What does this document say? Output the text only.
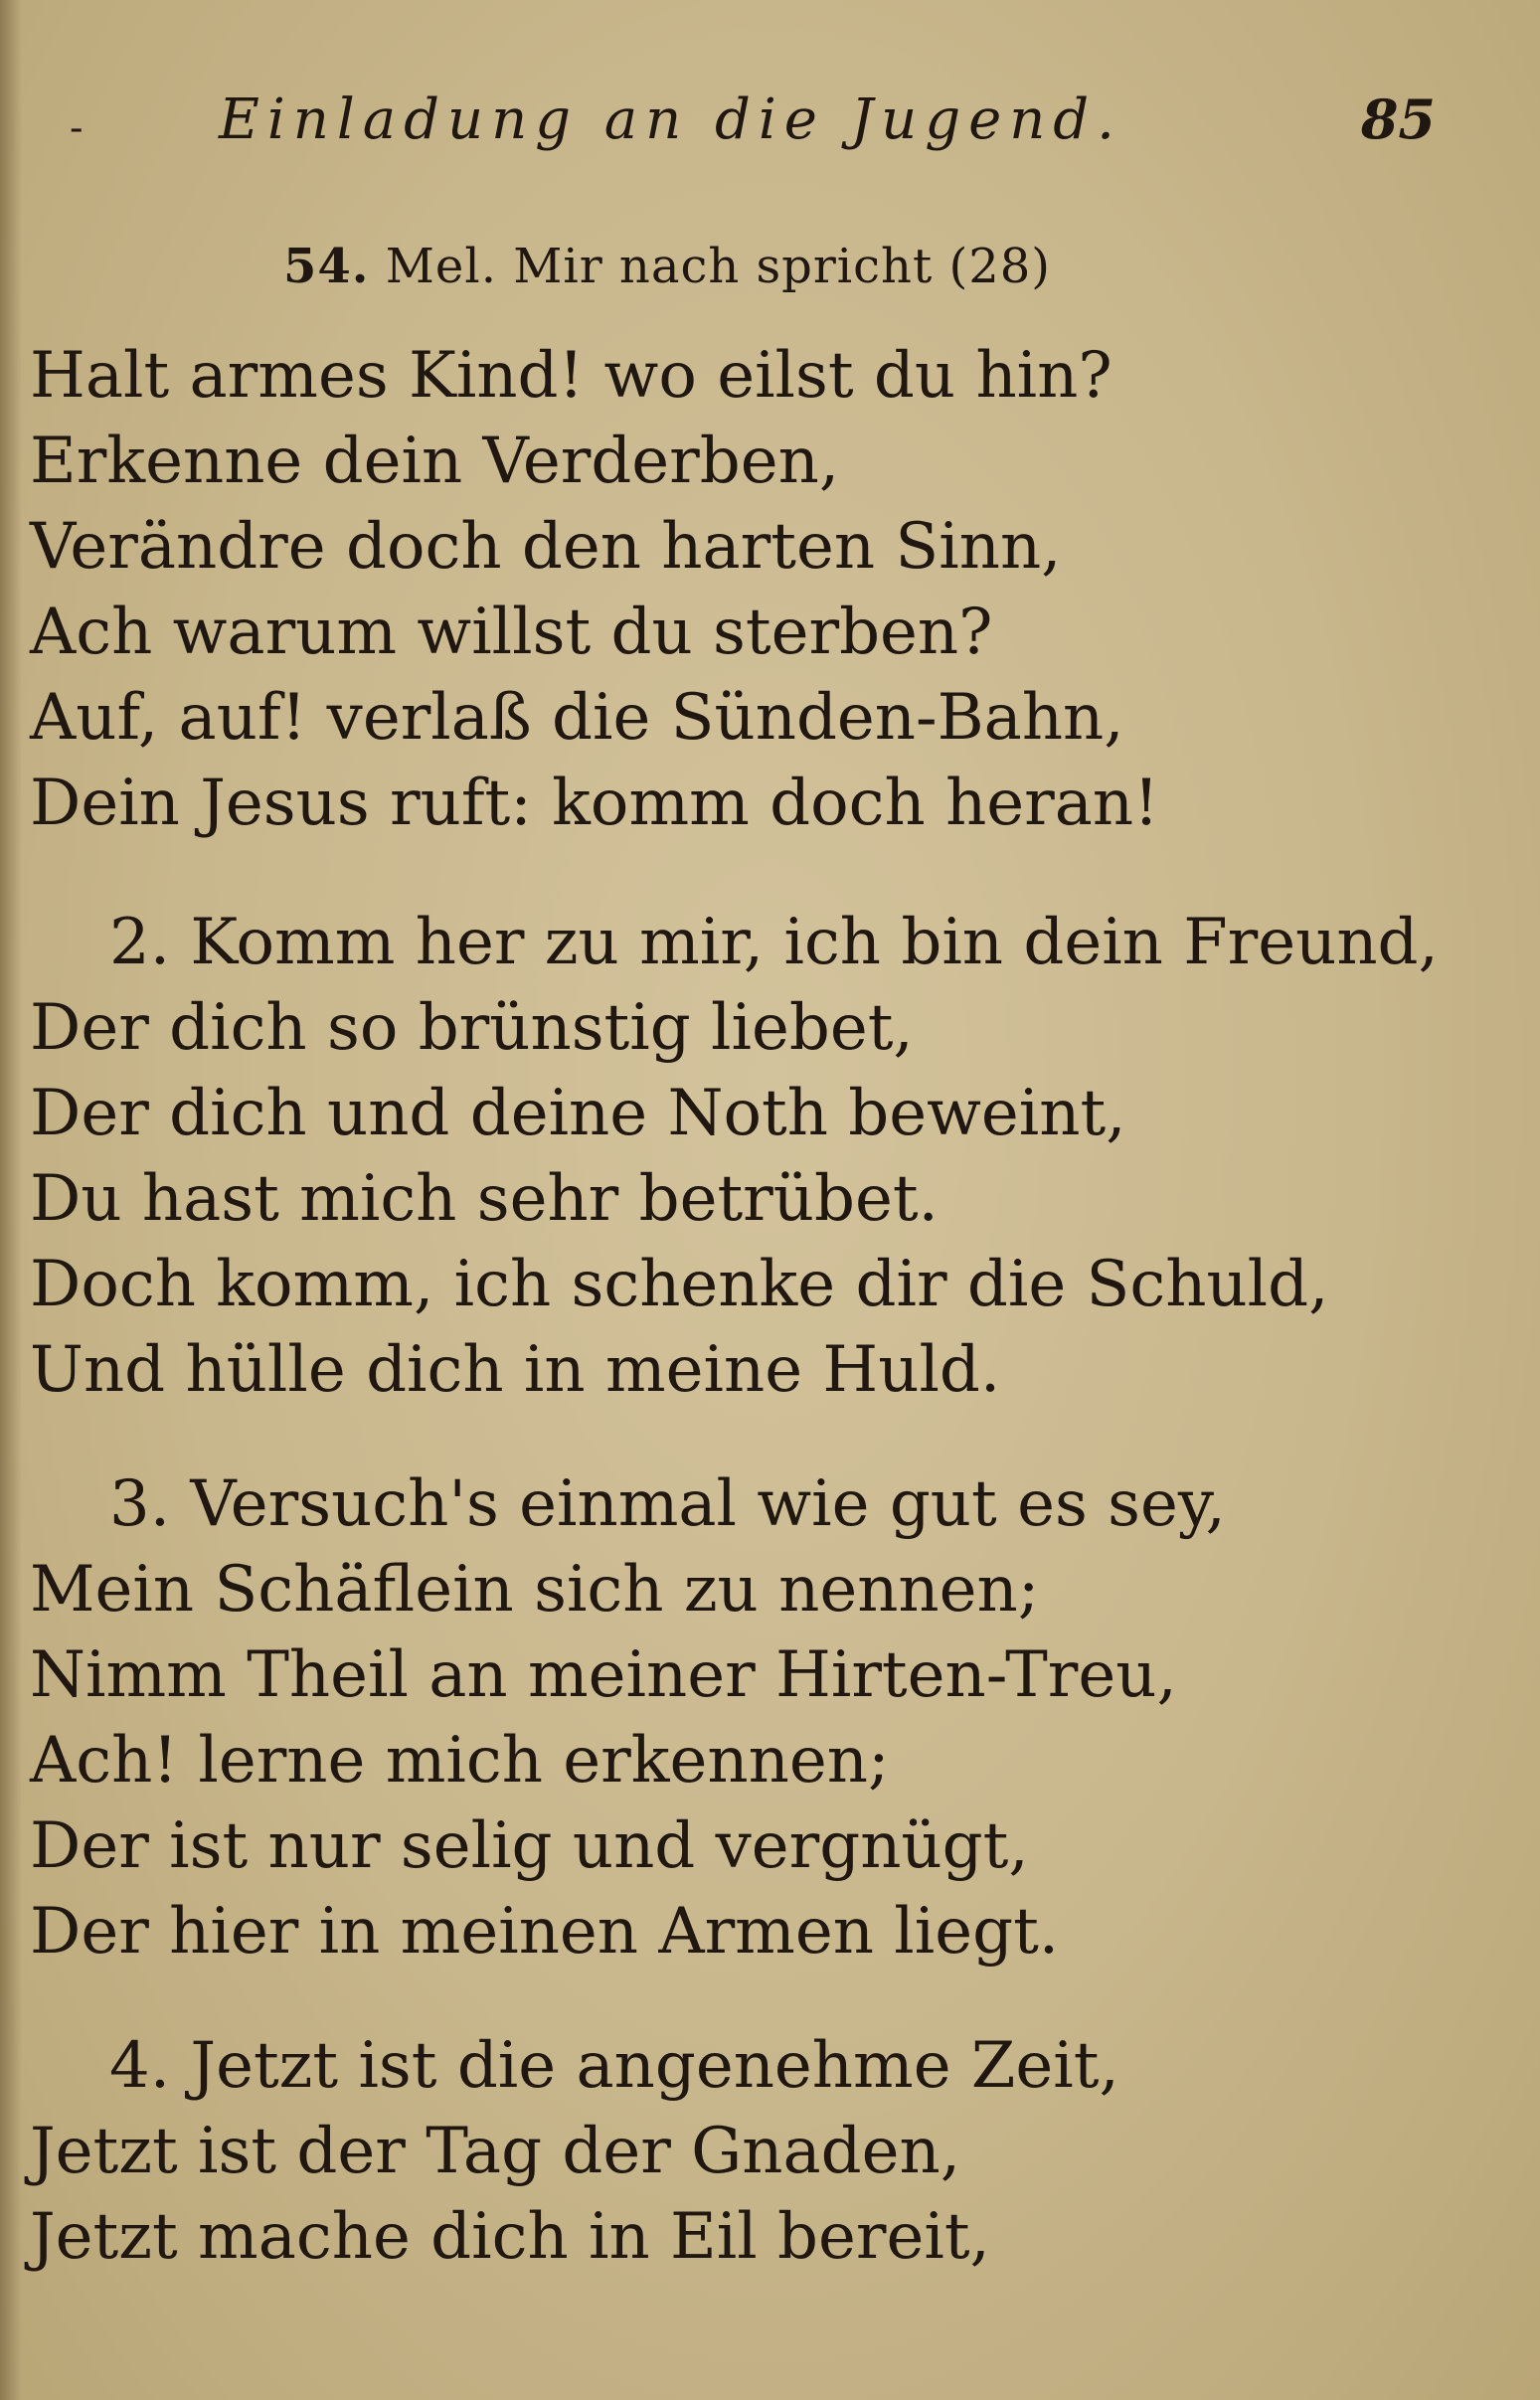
- Einladung an die Jugend.	85
54. Mel. Mir nach spricht (28)
Halt armes Kind! wo eilst du hin?
Erkenne dein Verderben,
Verändre doch den harten Sinn,
Ach warum willst du sterben?
Auf, auf! verlaß die Sünden-Bahn,
Dein Jesus ruft: komm doch heran!
2. Komm her zu mir, ich bin dein Freund,
Der dich so brünstig liebet,
Der dich und deine Noth beweint,
Du hast mich sehr betrübet.
Doch komm, ich schenke dir die Schuld,
Und hülle dich in meine Huld.
3. Versuch's einmal wie gut es sey,
Mein Schäflein sich zu nennen;
Nimm Theil an meiner Hirten-Treu,
Ach! lerne mich erkennen;
Der ist nur selig und vergnügt,
Der hier in meinen Armen liegt.
4. Jetzt ist die angenehme Zeit,
Jetzt ist der Tag der Gnaden,
Jetzt mache dich in Eil bereit,
